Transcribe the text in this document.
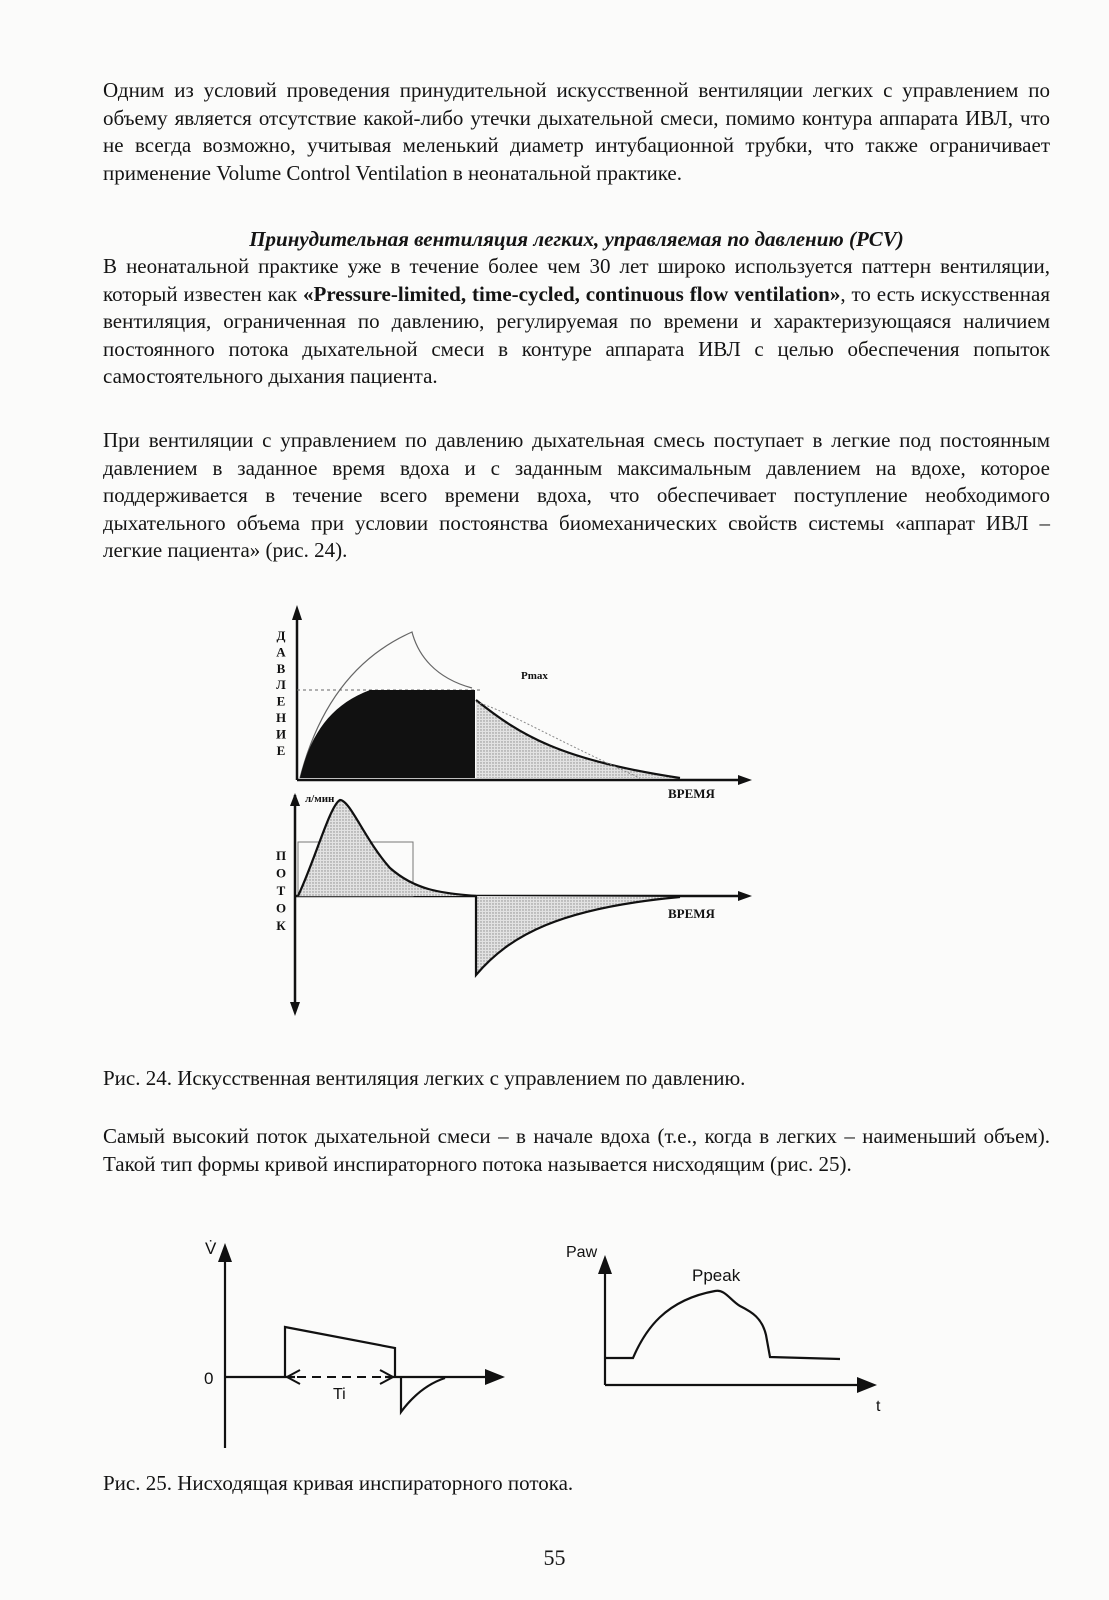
Одним из условий проведения принудительной искусственной вентиляции легких с управлением по объему является отсутствие какой-либо утечки дыхательной смеси, помимо контура аппарата ИВЛ, что не всегда возможно, учитывая меленький диаметр интубационной трубки, что также ограничивает применение Volume Control Ventilation в неонатальной практике.
Принудительная вентиляция легких, управляемая по давлению (PCV)
В неонатальной практике уже в течение более чем 30 лет широко используется паттерн вентиляции, который известен как «Pressure-limited, time-cycled, continuous flow ventilation», то есть искусственная вентиляция, ограниченная по давлению, регулируемая по времени и характеризующаяся наличием постоянного потока дыхательной смеси в контуре аппарата ИВЛ с целью обеспечения попыток самостоятельного дыхания пациента.
При вентиляции с управлением по давлению дыхательная смесь поступает в легкие под постоянным давлением в заданное время вдоха и с заданным максимальным давлением на вдохе, которое поддерживается в течение всего времени вдоха, что обеспечивает поступление необходимого дыхательного объема при условии постоянства биомеханических свойств системы «аппарат ИВЛ – легкие пациента» (рис. 24).
Pmax
ВРЕМЯ
Д А В Л Е Н И Е
л/мин
ВРЕМЯ
П О Т О К
V̇
0
Ti
Paw
Ppeak
t
Рис. 24. Искусственная вентиляция легких с управлением по давлению.
Самый высокий поток дыхательной смеси – в начале вдоха (т.е., когда в легких – наименьший объем). Такой тип формы кривой инспираторного потока называется нисходящим (рис. 25).
Рис. 25. Нисходящая кривая инспираторного потока.
55
